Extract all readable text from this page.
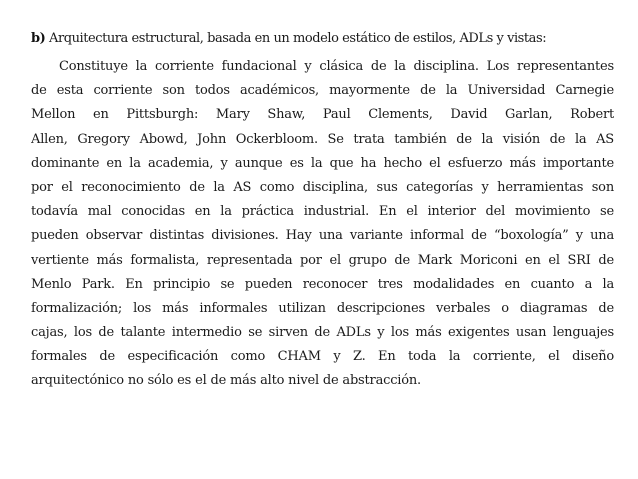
b) Arquitectura estructural, basada en un modelo estático de estilos, ADLs y vistas:

Constituye la corriente fundacional y clásica de la disciplina. Los representantes
de esta corriente son todos académicos, mayormente de la Universidad Carnegie
Mellon en Pittsburgh: Mary Shaw, Paul Clements, David Garlan, Robert
Allen, Gregory Abowd, John Ockerbloom. Se trata también de la visión de la AS
dominante en la academia, y aunque es la que ha hecho el esfuerzo más importante
por el reconocimiento de la AS como disciplina, sus categorías y herramientas son
todavía mal conocidas en la práctica industrial. En el interior del movimiento se
pueden observar distintas divisiones. Hay una variante informal de “boxología” y una
vertiente más formalista, representada por el grupo de Mark Moriconi en el SRI de
Menlo Park. En principio se pueden reconocer tres modalidades en cuanto a la
formalización; los más informales utilizan descripciones verbales o diagramas de
cajas, los de talante intermedio se sirven de ADLs y los más exigentes usan lenguajes
formales de especificación como CHAM y Z. En toda la corriente, el diseño
arquitectónico no sólo es el de más alto nivel de abstracción.
